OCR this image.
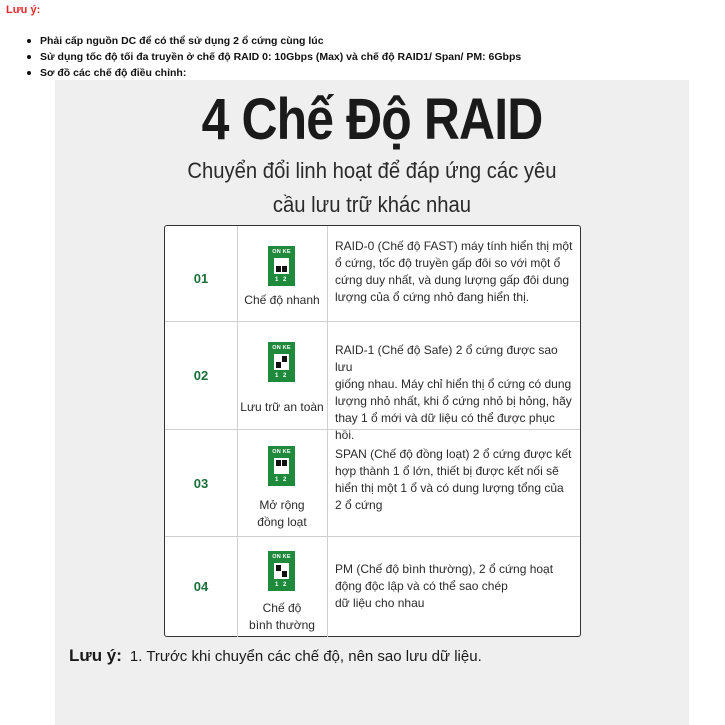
Lưu ý:
Phải cấp nguồn DC để có thể sử dụng 2 ổ cứng cùng lúc
Sử dụng tốc độ tối đa truyền ở chế độ RAID 0: 10Gbps (Max) và chế độ RAID1/ Span/ PM: 6Gbps
Sơ đồ các chế độ điều chỉnh:
4 Chế Độ RAID
Chuyển đổi linh hoạt để đáp ứng các yêu
cầu lưu trữ khác nhau
01
ON KE
1 2
Chế độ nhanh
RAID-0 (Chế độ FAST) máy tính hiển thị một
ổ cứng, tốc độ truyền gấp đôi so với một ổ
cứng duy nhất, và dung lượng gấp đôi dung
lượng của ổ cứng nhỏ đang hiển thị.
02
ON KE
1 2
Lưu trữ an toàn
RAID-1 (Chế độ Safe) 2 ổ cứng được sao lưu
giống nhau. Máy chỉ hiển thị ổ cứng có dung
lượng nhỏ nhất, khi ổ cứng nhỏ bị hỏng, hãy
thay 1 ổ mới và dữ liệu có thể được phục hồi.
03
ON KE
1 2
Mở rộng
đồng loạt
SPAN (Chế độ đồng loạt) 2 ổ cứng được kết
hợp thành 1 ổ lớn, thiết bị được kết nối sẽ
hiển thị một 1 ổ và có dung lượng tổng của
2 ổ cứng
04
ON KE
1 2
Chế độ
bình thường
PM (Chế độ bình thường), 2 ổ cứng hoạt
động độc lập và có thể sao chép
dữ liệu cho nhau
Lưu ý: 1. Trước khi chuyển các chế độ, nên sao lưu dữ liệu.
